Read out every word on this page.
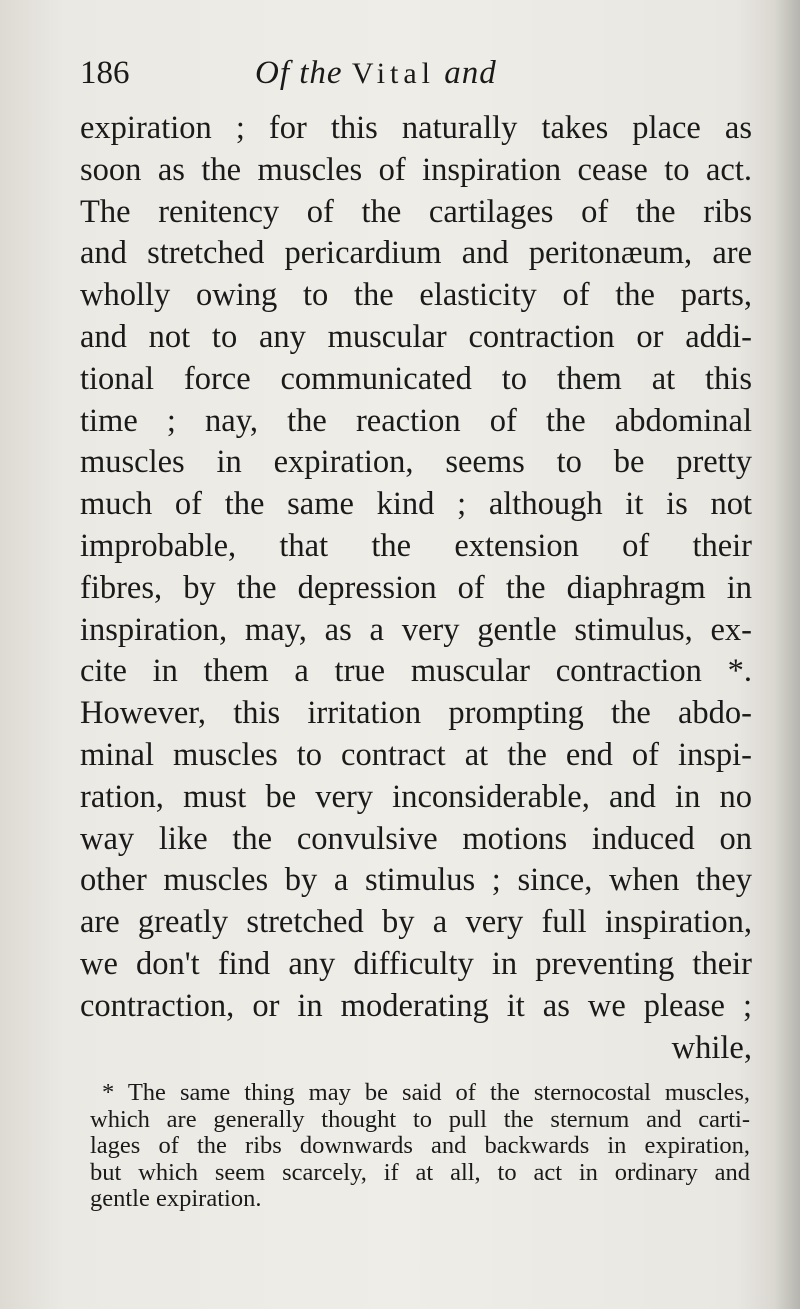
186	Of the Vital and
expiration ; for this naturally takes place as
soon as the muscles of inspiration cease to act.
The renitency of the cartilages of the ribs
and stretched pericardium and peritonæum, are
wholly owing to the elasticity of the parts,
and not to any muscular contraction or addi-
tional force communicated to them at this
time ; nay, the reaction of the abdominal
muscles in expiration, seems to be pretty
much of the same kind ; although it is not
improbable, that the extension of their
fibres, by the depression of the diaphragm in
inspiration, may, as a very gentle stimulus, ex-
cite in them a true muscular contraction *.
However, this irritation prompting the abdo-
minal muscles to contract at the end of inspi-
ration, must be very inconsiderable, and in no
way like the convulsive motions induced on
other muscles by a stimulus ; since, when they
are greatly stretched by a very full inspiration,
we don't find any difficulty in preventing their
contraction, or in moderating it as we please ;
while,
* The same thing may be said of the sternocostal muscles,
which are generally thought to pull the sternum and carti-
lages of the ribs downwards and backwards in expiration,
but which seem scarcely, if at all, to act in ordinary and
gentle expiration.
